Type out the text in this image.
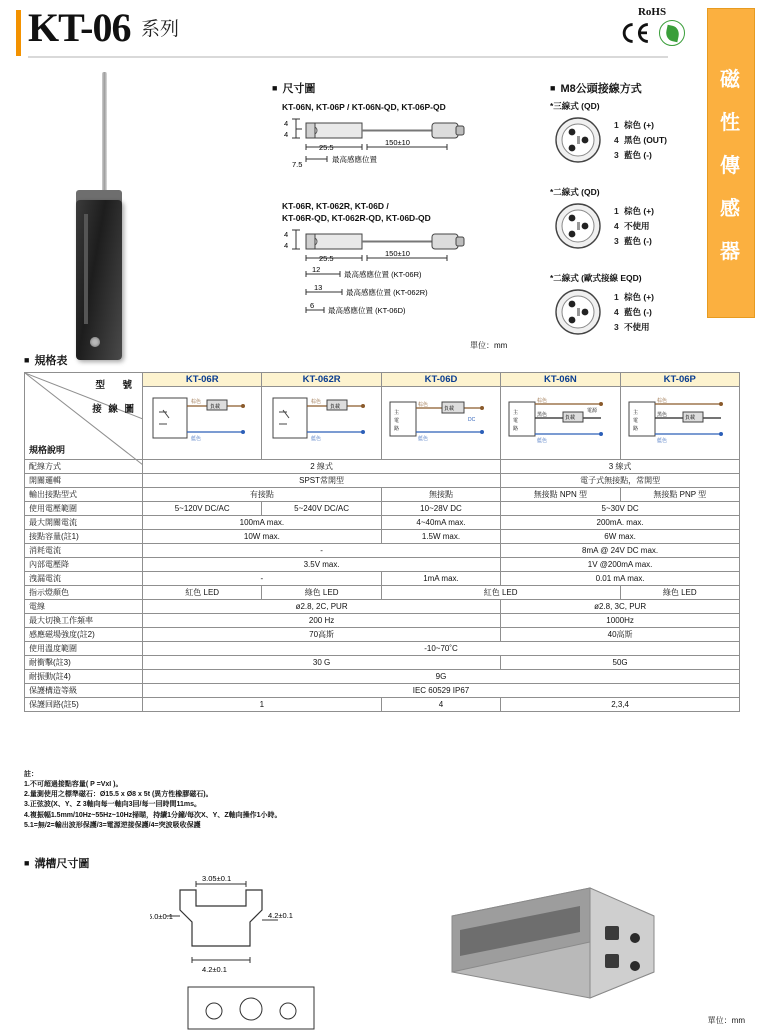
KT-06 系列
RoHS
磁
性
傳
感
器
■ 尺寸圖
KT-06N, KT-06P / KT-06N-QD, KT-06P-QD
4
4
25.5
150±10
7.5
最高感應位置
KT-06R, KT-062R, KT-06D /
KT-06R-QD, KT-062R-QD, KT-06D-QD
4
4
25.5
150±10
12
最高感應位置 (KT-06R)
13
最高感應位置 (KT-062R)
6
最高感應位置 (KT-06D)
單位：mm
■ M8公頭接線方式
*三線式 (QD)
1 棕色 (+)
4 黑色 (OUT)
3 藍色 (-)
*二線式 (QD)
1 棕色 (+)
4 不使用
3 藍色 (-)
*二線式 (歐式接線 EQD)
1 棕色 (+)
4 藍色 (-)
3 不使用
■ 規格表
型　號
接 線 圖
規格說明	KT-06R	KT-062R	KT-06D	KT-06N	KT-06P

棕色
藍色
負載

棕色
藍色
負載

主
電
路
負載
棕色
藍色
DC

主
電
路
負載
棕色
黑色
藍色
電源	主
電
路
負載
棕色
黑色
藍色

配線方式	2 線式			3 線式	
開關邏輯	SPST常開型			電子式無接點，常開型	
輸出接點型式	有接點		無接點	無接點 NPN 型	無接點 PNP 型
使用電壓範圍	5~120V DC/AC	5~240V DC/AC	10~28V DC	5~30V DC	
最大開關電流	100mA max.		4~40mA max.	200mA. max.	
接點容量(註1)	10W max.		1.5W max.	6W max.	
消耗電流	-			8mA @ 24V DC max.	
內部電壓降	3.5V max.			1V @200mA max.	
洩漏電流	-		1mA max.	0.01 mA max.	
指示燈顏色	紅色 LED	綠色 LED	紅色 LED		綠色 LED
電線	ø2.8, 2C, PUR			ø2.8, 3C, PUR	
最大切換工作頻率	200 Hz			1000Hz	
感應磁場強度(註2)	70高斯			40高斯	
使用溫度範圍	-10~70˚C				
耐衝擊(註3)	30 G			50G	
耐振動(註4)	9G				
保護構造等級	IEC 60529 IP67				
保護回路(註5)	1		4	2,3,4	
註：
1.不可超過接點容量( P =VxI )。
2.量測使用之標準磁石：Ø15.5 x Ø8 x 5t (異方性橡膠磁石)。
3.正弦波(X、Y、Z 3軸向每一軸向3回/每一回時間11ms。
4.複振幅1.5mm/10Hz~55Hz~10Hz掃瞄，持續1分鐘/每次X、Y、Z軸向操作1小時。
5.1=無/2=輸出波形保護/3=電源逆接保護/4=突波吸收保護
■ 溝槽尺寸圖
3.05±0.1
5.0±0.1	4.2±0.1
4.2±0.1
單位：mm
